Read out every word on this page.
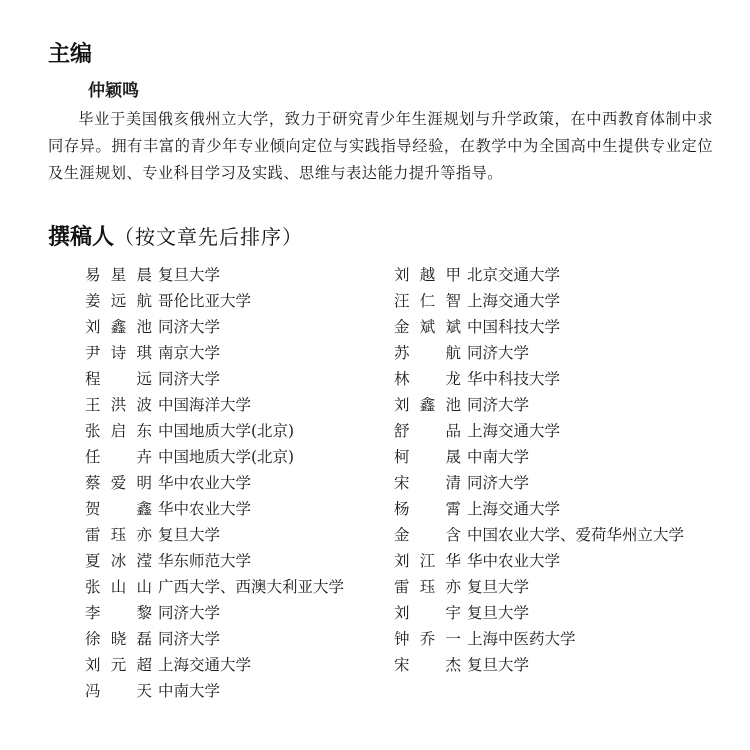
主编

仲颖鸣

毕业于美国俄亥俄州立大学，致力于研究青少年生涯规划与升学政策，在中西教育体制中求同存异。拥有丰富的青少年专业倾向定位与实践指导经验，在教学中为全国高中生提供专业定位及生涯规划、专业科目学习及实践、思维与表达能力提升等指导。

撰稿人（按文章先后排序）
易星晨 复旦大学
姜远航 哥伦比亚大学
刘鑫池 同济大学
尹诗琪 南京大学
程　远 同济大学
王洪波 中国海洋大学
张启东 中国地质大学(北京)
任　卉 中国地质大学(北京)
蔡爱明 华中农业大学
贺　鑫 华中农业大学
雷珏亦 复旦大学
夏冰滢 华东师范大学
张山山 广西大学、西澳大利亚大学
李　黎 同济大学
徐晓磊 同济大学
刘元超 上海交通大学
冯　天 中南大学
刘越甲 北京交通大学
汪仁智 上海交通大学
金斌斌 中国科技大学
苏　航 同济大学
林　龙 华中科技大学
刘鑫池 同济大学
舒　品 上海交通大学
柯　晟 中南大学
宋　清 同济大学
杨　霄 上海交通大学
金　含 中国农业大学、爱荷华州立大学
刘江华 华中农业大学
雷珏亦 复旦大学
刘　宇 复旦大学
钟乔一 上海中医药大学
宋　杰 复旦大学
